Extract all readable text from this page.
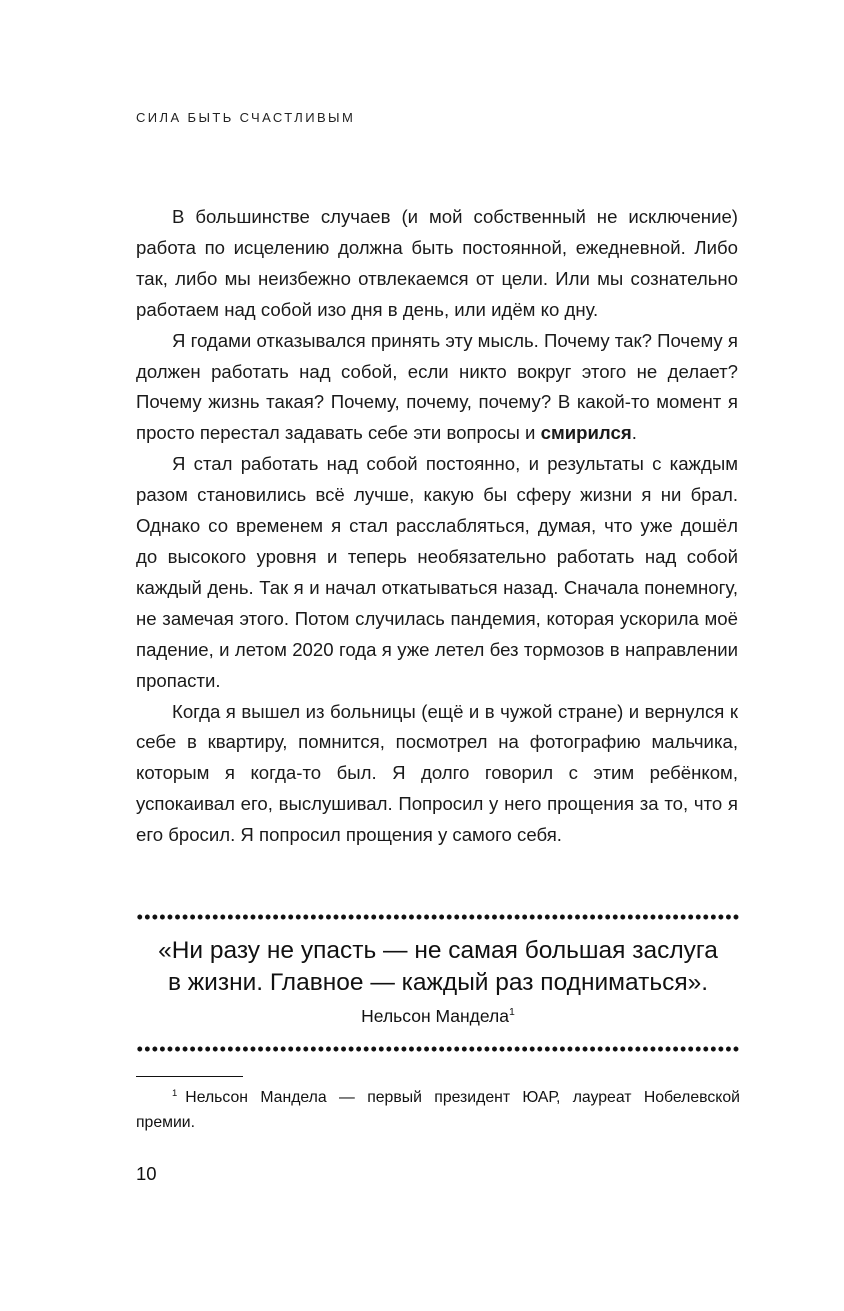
СИЛА БЫТЬ СЧАСТЛИВЫМ

В большинстве случаев (и мой собственный не исключение) работа по исцелению должна быть постоянной, ежедневной. Либо так, либо мы неизбежно отвлекаемся от цели. Или мы сознательно работаем над собой изо дня в день, или идём ко дну.

Я годами отказывался принять эту мысль. Почему так? Почему я должен работать над собой, если никто вокруг этого не делает? Почему жизнь такая? Почему, почему, почему? В какой-то момент я просто перестал задавать себе эти вопросы и смирился.

Я стал работать над собой постоянно, и результаты с каждым разом становились всё лучше, какую бы сферу жизни я ни брал. Однако со временем я стал расслабляться, думая, что уже дошёл до высокого уровня и теперь необязательно работать над собой каждый день. Так я и начал откатываться назад. Сначала понемногу, не замечая этого. Потом случилась пандемия, которая ускорила моё падение, и летом 2020 года я уже летел без тормозов в направлении пропасти.

Когда я вышел из больницы (ещё и в чужой стране) и вернулся к себе в квартиру, помнится, посмотрел на фотографию мальчика, которым я когда-то был. Я долго говорил с этим ребёнком, успокаивал его, выслушивал. Попросил у него прощения за то, что я его бросил. Я попросил прощения у самого себя.

«Ни разу не упасть — не самая большая заслуга
в жизни. Главное — каждый раз подниматься».
Нельсон Мандела$^1$
$^1$ Нельсон Мандела — первый президент ЮАР, лауреат Нобелевской премии.
10
